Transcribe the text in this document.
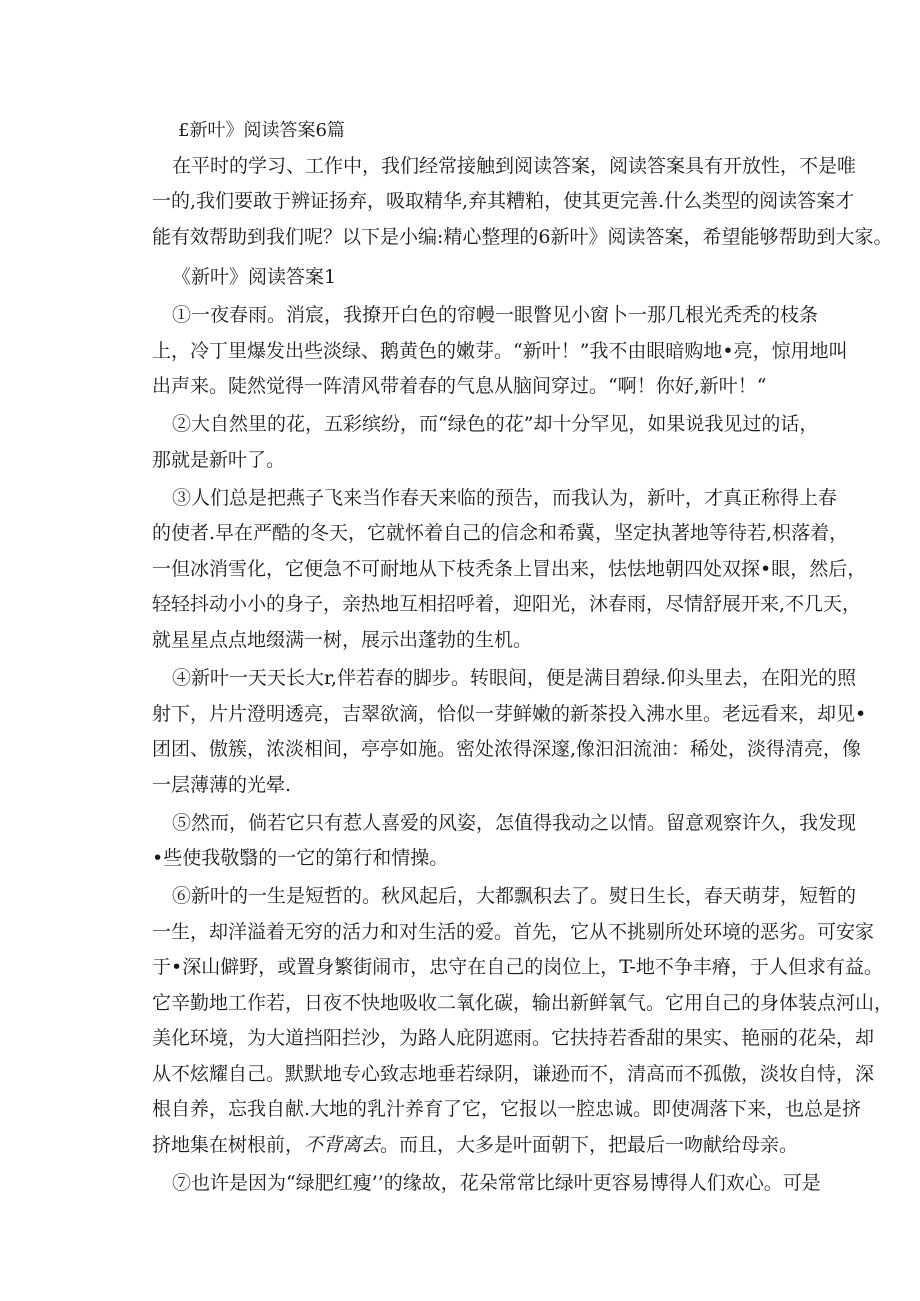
£新叶》阅读答案6篇
在平时的学习、工作中，我们经常接触到阅读答案，阅读答案具有开放性，不是唯
一的,我们要敢于辨证扬弃，吸取精华,弃其糟粕，使其更完善.什么类型的阅读答案才
能有效帮助到我们呢？以下是小编:精心整理的6新叶》阅读答案，希望能够帮助到大家。
《新叶》阅读答案1
①一夜春雨。消宸，我撩开白色的帘幔一眼瞥见小窗卜一那几根光秃秃的枝条
上，冷丁里爆发出些淡绿、鹅黄色的嫩芽。“新叶！”我不由眼暗购地•亮，惊用地叫
出声来。陡然觉得一阵清风带着春的气息从脑间穿过。“啊！你好,新叶！“
②大自然里的花，五彩缤纷，而“绿色的花”却十分罕见，如果说我见过的话，
那就是新叶了。
③人们总是把燕子飞来当作春天来临的预告，而我认为，新叶，才真正称得上春
的使者.早在严酷的冬天，它就怀着自己的信念和希冀，坚定执著地等待若,枳落着，
一但冰消雪化，它便急不可耐地从下枝秃条上冒出来，怯怯地朝四处双探•眼，然后，
轻轻抖动小小的身子，亲热地互相招呼着，迎阳光，沐春雨，尽情舒展开来,不几天，
就星星点点地缀满一树，展示出蓬勃的生机。
④新叶一天天长大r,伴若春的脚步。转眼间，便是满目碧绿.仰头里去，在阳光的照
射下，片片澄明透亮，吉翠欲滴，恰似一芽鲜嫩的新茶投入沸水里。老远看来，却见•
团团、傲簇，浓淡相间，亭亭如施。密处浓得深邃,像汩汩流油：稀处，淡得清亮，像
一层薄薄的光晕.
⑤然而，倘若它只有惹人喜爱的风姿，怎值得我动之以情。留意观察许久，我发现
•些使我敬翳的一它的第行和情操。
⑥新叶的一生是短哲的。秋风起后，大都飘积去了。熨日生长，春天萌芽，短暂的
一生，却洋溢着无穷的活力和对生活的爱。首先，它从不挑剔所处环境的恶劣。可安家
于•深山僻野，或置身繁街闹市，忠守在自己的岗位上，T-地不争丰瘠，于人但求有益。
它辛勤地工作若，日夜不快地吸收二氧化碳，输出新鲜氧气。它用自己的身体装点河山，
美化环境，为大道挡阳拦沙，为路人庇阴遮雨。它扶持若香甜的果实、艳丽的花朵，却
从不炫耀自己。默默地专心致志地垂若绿阴，谦逊而不，清高而不孤傲，淡妆自恃，深
根自养，忘我自献.大地的乳汁养育了它，它报以一腔忠诚。即使凋落下来，也总是挤
挤地集在树根前，不背离去。而且，大多是叶面朝下，把最后一吻献给母亲。
⑦也许是因为“绿肥红瘦’’的缘故，花朵常常比绿叶更容易博得人们欢心。可是
